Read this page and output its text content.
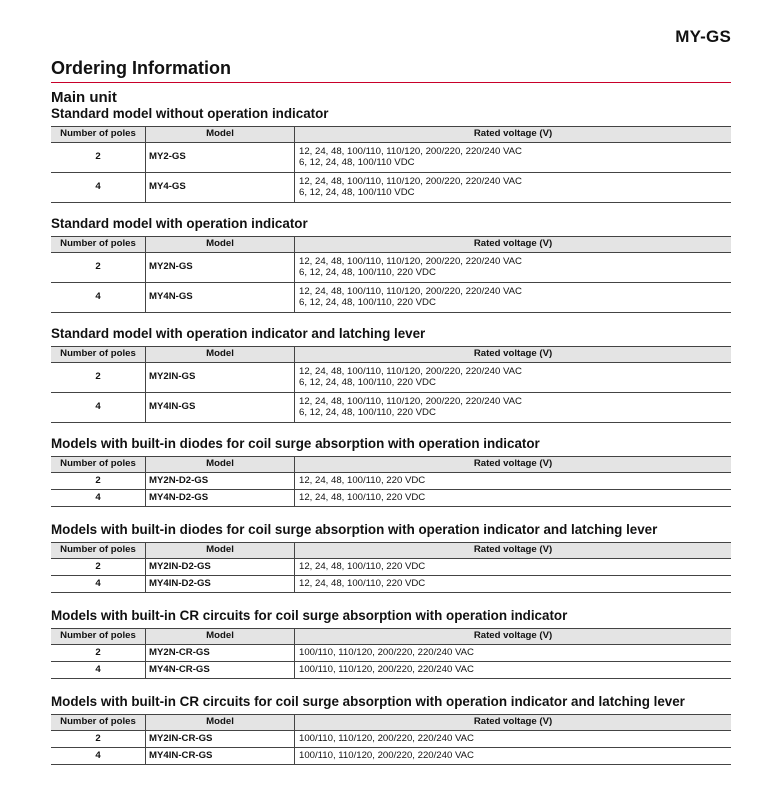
MY-GS
Ordering Information
Main unit
Standard model without operation indicator
Number of poles	Model	Rated voltage (V)
2	MY2-GS	12, 24, 48, 100/110, 110/120, 200/220, 220/240 VAC
6, 12, 24, 48, 100/110 VDC
4	MY4-GS	12, 24, 48, 100/110, 110/120, 200/220, 220/240 VAC
6, 12, 24, 48, 100/110 VDC
Standard model with operation indicator
Number of poles	Model	Rated voltage (V)
2	MY2N-GS	12, 24, 48, 100/110, 110/120, 200/220, 220/240 VAC
6, 12, 24, 48, 100/110, 220 VDC
4	MY4N-GS	12, 24, 48, 100/110, 110/120, 200/220, 220/240 VAC
6, 12, 24, 48, 100/110, 220 VDC
Standard model with operation indicator and latching lever
Number of poles	Model	Rated voltage (V)
2	MY2IN-GS	12, 24, 48, 100/110, 110/120, 200/220, 220/240 VAC
6, 12, 24, 48, 100/110, 220 VDC
4	MY4IN-GS	12, 24, 48, 100/110, 110/120, 200/220, 220/240 VAC
6, 12, 24, 48, 100/110, 220 VDC
Models with built-in diodes for coil surge absorption with operation indicator
Number of poles	Model	Rated voltage (V)
2	MY2N-D2-GS	12, 24, 48, 100/110, 220 VDC
4	MY4N-D2-GS	12, 24, 48, 100/110, 220 VDC
Models with built-in diodes for coil surge absorption with operation indicator and latching lever
Number of poles	Model	Rated voltage (V)
2	MY2IN-D2-GS	12, 24, 48, 100/110, 220 VDC
4	MY4IN-D2-GS	12, 24, 48, 100/110, 220 VDC
Models with built-in CR circuits for coil surge absorption with operation indicator
Number of poles	Model	Rated voltage (V)
2	MY2N-CR-GS	100/110, 110/120, 200/220, 220/240 VAC
4	MY4N-CR-GS	100/110, 110/120, 200/220, 220/240 VAC
Models with built-in CR circuits for coil surge absorption with operation indicator and latching lever
Number of poles	Model	Rated voltage (V)
2	MY2IN-CR-GS	100/110, 110/120, 200/220, 220/240 VAC
4	MY4IN-CR-GS	100/110, 110/120, 200/220, 220/240 VAC
